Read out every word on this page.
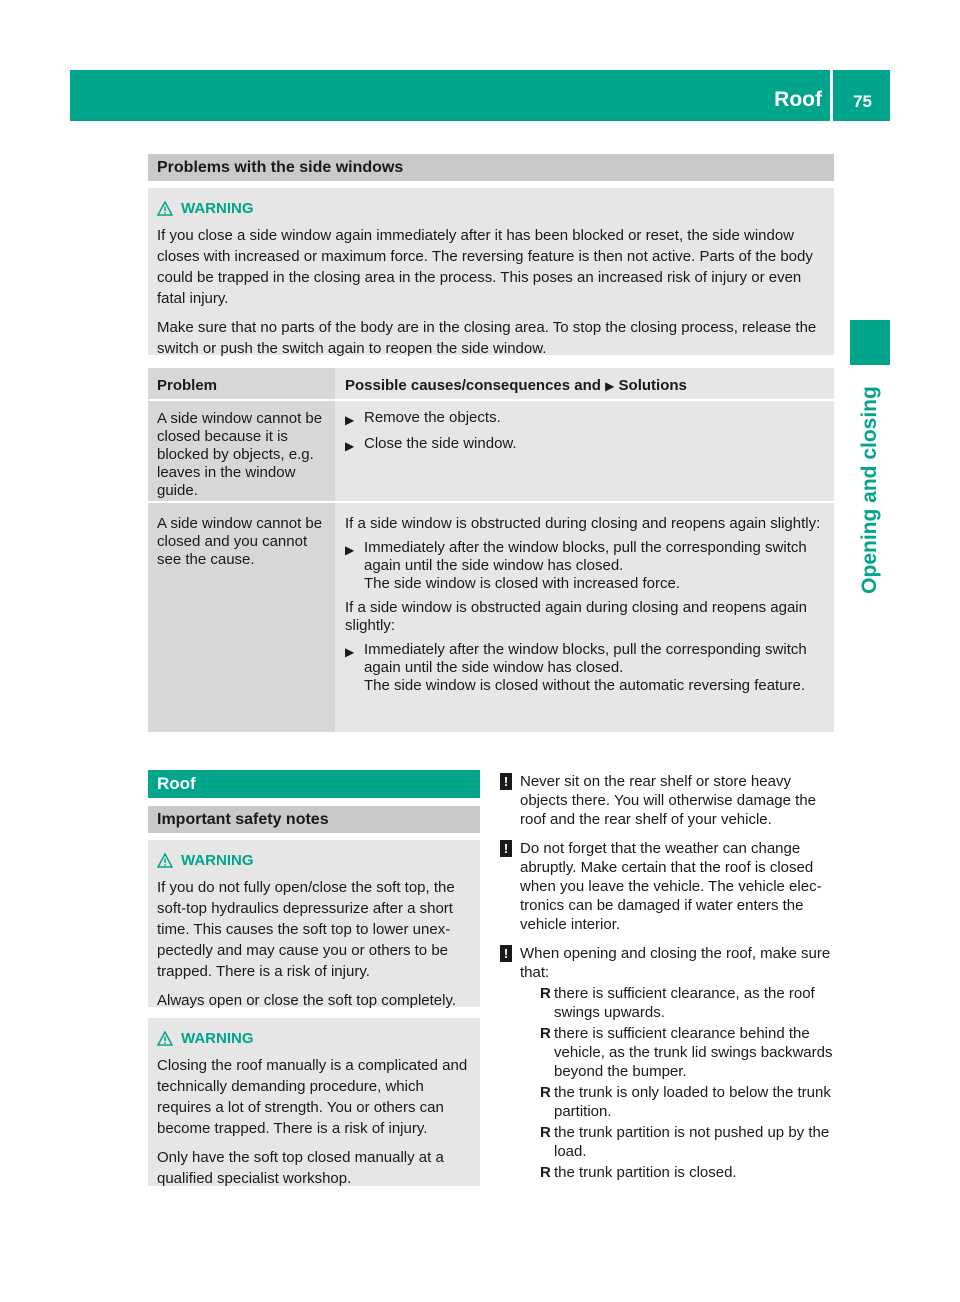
Roof 75
Opening and closing
Problems with the side windows
WARNING

If you close a side window again immediately after it has been blocked or reset, the side window closes with increased or maximum force. The reversing feature is then not active. Parts of the body could be trapped in the closing area in the process. This poses an increased risk of injury or even fatal injury.

Make sure that no parts of the body are in the closing area. To stop the closing process, release the switch or push the switch again to reopen the side window.

Problem	Possible causes/consequences and ▶ Solutions
A side window cannot be closed because it is blocked by objects, e.g. leaves in the window guide.
▶ Remove the objects.
▶ Close the side window.
A side window cannot be closed and you cannot see the cause.

If a side window is obstructed during closing and reopens again slightly:

▶ Immediately after the window blocks, pull the corresponding switch again until the side window has closed.
The side window is closed with increased force.

If a side window is obstructed again during closing and reopens again slightly:

▶ Immediately after the window blocks, pull the corresponding switch again until the side window has closed.
The side window is closed without the automatic reversing feature.
Roof
Important safety notes
WARNING

If you do not fully open/close the soft top, the soft-top hydraulics depressurize after a short time. This causes the soft top to lower unex- pectedly and may cause you or others to be trapped. There is a risk of injury.

Always open or close the soft top completely.

WARNING

Closing the roof manually is a complicated and technically demanding procedure, which requires a lot of strength. You or others can become trapped. There is a risk of injury.

Only have the soft top closed manually at a qualified specialist workshop.

! Never sit on the rear shelf or store heavy objects there. You will otherwise damage the roof and the rear shelf of your vehicle.
! Do not forget that the weather can change abruptly. Make certain that the roof is closed when you leave the vehicle. The vehicle elec- tronics can be damaged if water enters the vehicle interior.
! When opening and closing the roof, make sure that:
R there is sufficient clearance, as the roof swings upwards.
R there is sufficient clearance behind the vehicle, as the trunk lid swings backwards beyond the bumper.
R the trunk is only loaded to below the trunk partition.
R the trunk partition is not pushed up by the load.
R the trunk partition is closed.
